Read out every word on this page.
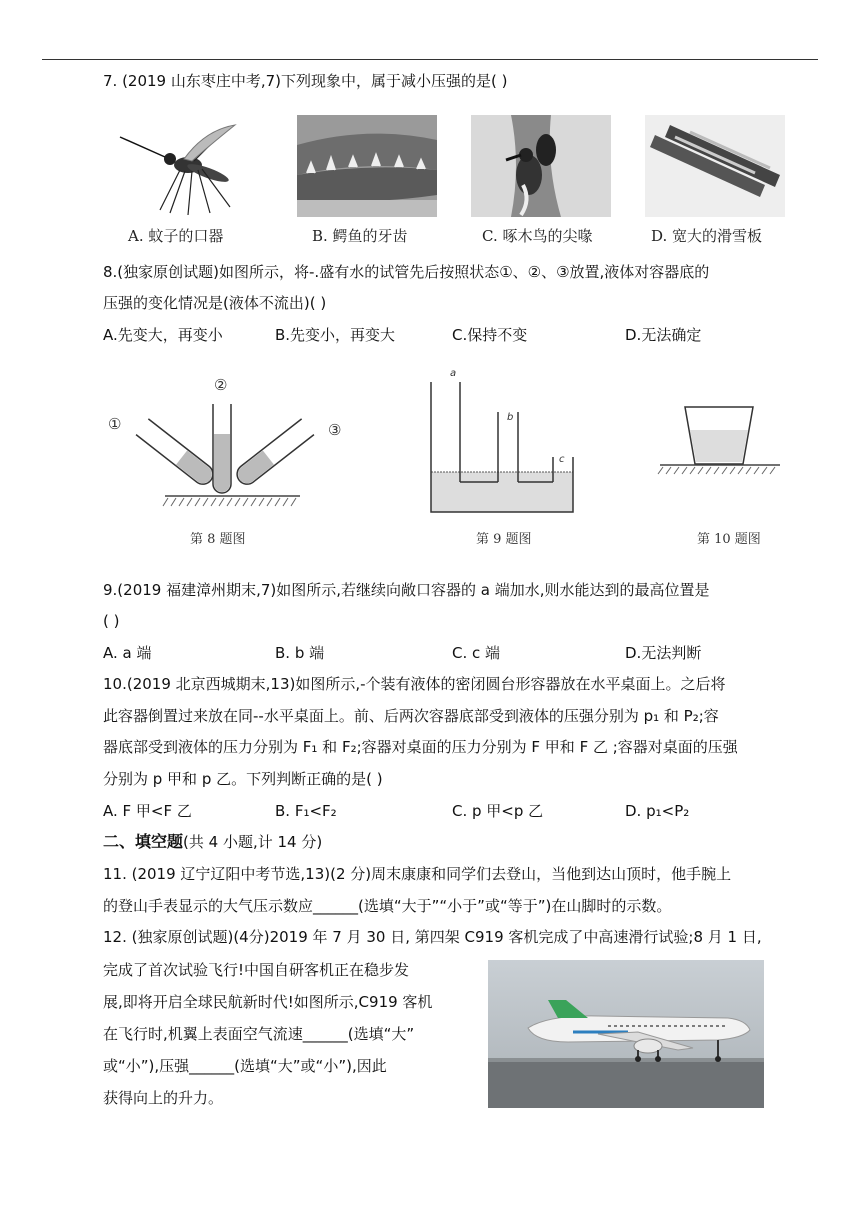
7. (2019 山东枣庄中考,7)下列现象中，属于减小压强的是( )
A. 蚊子的口器	B. 鳄鱼的牙齿	C. 啄木鸟的尖喙	D. 宽大的滑雪板
8.(独家原创试题)如图所示，将-.盛有水的试管先后按照状态①、②、③放置,液体对容器底的
压强的变化情况是(液体不流出)( )
A.先变大，再变小	B.先变小，再变大	C.保持不变	D.无法确定
①
②
③
第 8 题图
a
b
c
第 9 题图	第 10 题图
9.(2019 福建漳州期末,7)如图所示,若继续向敞口容器的 a 端加水,则水能达到的最高位置是
( )
A. a 端	B. b 端	C. c 端	D.无法判断
10.(2019 北京西城期末,13)如图所示,-个装有液体的密闭圆台形容器放在水平桌面上。之后将
此容器倒置过来放在同--水平桌面上。前、后两次容器底部受到液体的压强分别为 p₁ 和 P₂;容
器底部受到液体的压力分别为 F₁ 和 F₂;容器对桌面的压力分别为 F 甲和 F 乙 ;容器对桌面的压强
分别为 p 甲和 p 乙。下列判断正确的是( )
A. F 甲<F 乙	B. F₁<F₂	C. p 甲<p 乙	D. p₁<P₂
二、填空题(共 4 小题,计 14 分)
11. (2019 辽宁辽阳中考节选,13)(2 分)周末康康和同学们去登山，当他到达山顶时，他手腕上
的登山手表显示的大气压示数应______(选填“大于”“小于”或“等于”)在山脚时的示数。
12. (独家原创试题)(4分)2019 年 7 月 30 日, 第四架 C919 客机完成了中高速滑行试验;8 月 1 日,
完成了首次试验飞行!中国自研客机正在稳步发
展,即将开启全球民航新时代!如图所示,C919 客机
在飞行时,机翼上表面空气流速______(选填“大”
或“小”),压强______(选填“大”或“小”),因此
获得向上的升力。
